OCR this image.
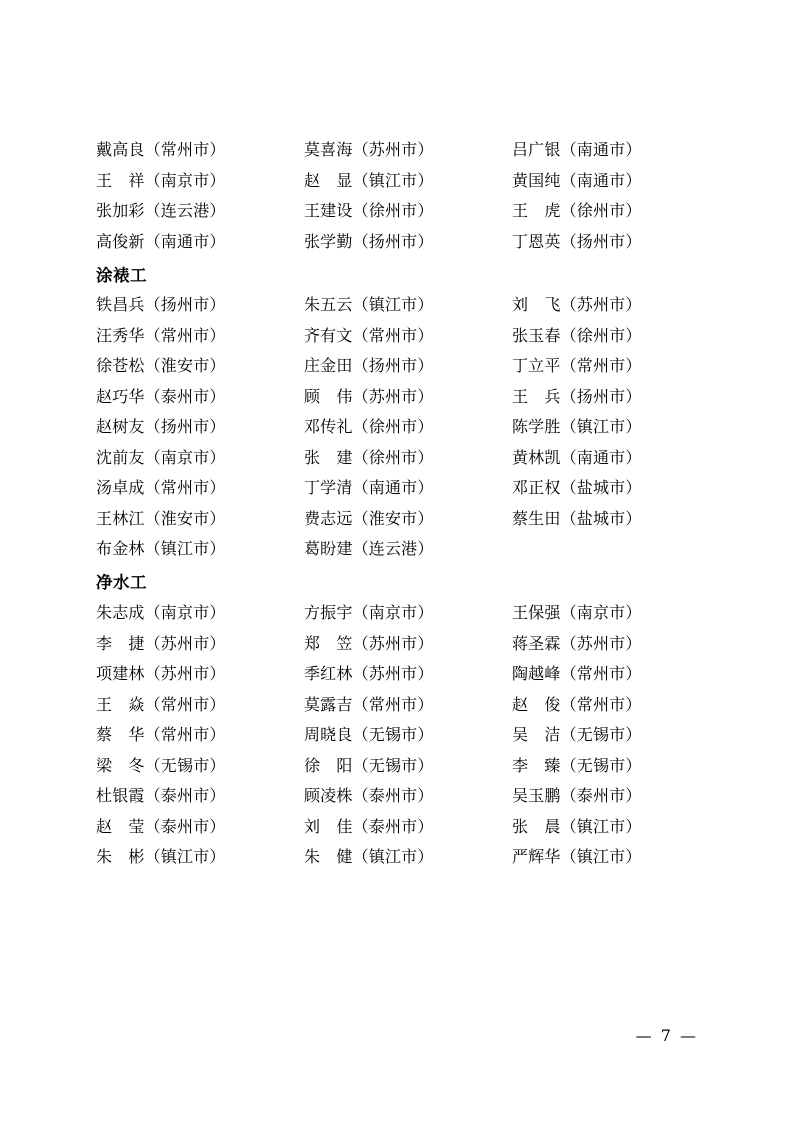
戴高良（常州市）	莫喜海（苏州市）	吕广银（南通市）
王　祥（南京市）	赵　显（镇江市）	黄国纯（南通市）
张加彩（连云港）	王建设（徐州市）	王　虎（徐州市）
高俊新（南通市）	张学勤（扬州市）	丁恩英（扬州市）
涂裱工
铁昌兵（扬州市）	朱五云（镇江市）	刘　飞（苏州市）
汪秀华（常州市）	齐有文（常州市）	张玉春（徐州市）
徐苍松（淮安市）	庄金田（扬州市）	丁立平（常州市）
赵巧华（泰州市）	顾　伟（苏州市）	王　兵（扬州市）
赵树友（扬州市）	邓传礼（徐州市）	陈学胜（镇江市）
沈前友（南京市）	张　建（徐州市）	黄林凯（南通市）
汤卓成（常州市）	丁学清（南通市）	邓正权（盐城市）
王林江（淮安市）	费志远（淮安市）	蔡生田（盐城市）
布金林（镇江市）	葛盼建（连云港）
净水工
朱志成（南京市）	方振宇（南京市）	王保强（南京市）
李　捷（苏州市）	郑　笠（苏州市）	蒋圣霖（苏州市）
项建林（苏州市）	季红林（苏州市）	陶越峰（常州市）
王　焱（常州市）	莫露吉（常州市）	赵　俊（常州市）
蔡　华（常州市）	周晓良（无锡市）	吴　洁（无锡市）
梁　冬（无锡市）	徐　阳（无锡市）	李　臻（无锡市）
杜银霞（泰州市）	顾凌株（泰州市）	吴玉鹏（泰州市）
赵　莹（泰州市）	刘　佳（泰州市）	张　晨（镇江市）
朱　彬（镇江市）	朱　健（镇江市）	严辉华（镇江市）
— 7 —
